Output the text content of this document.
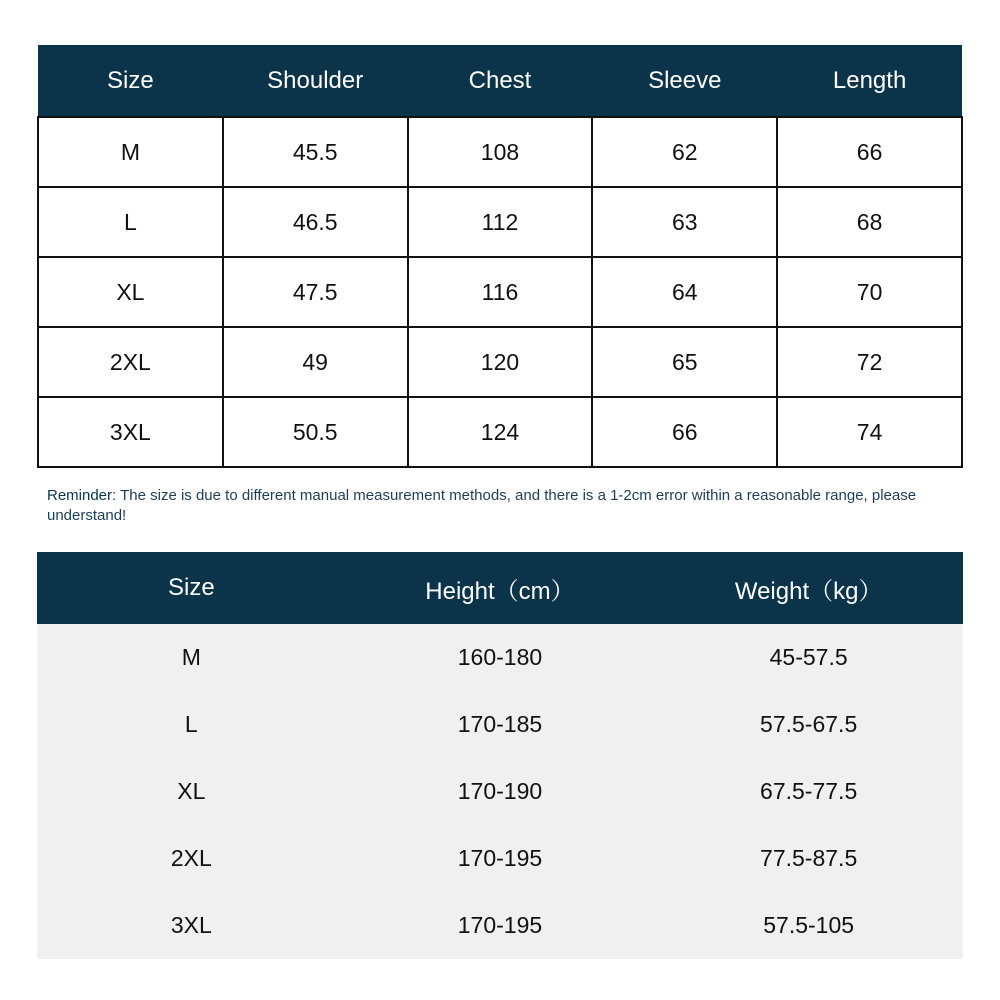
Size	Shoulder	Chest	Sleeve	Length
M	45.5	108	62	66
L	46.5	112	63	68
XL	47.5	116	64	70
2XL	49	120	65	72
3XL	50.5	124	66	74
Reminder: The size is due to different manual measurement methods, and there is a 1-2cm error within a reasonable range, please understand!
Size	Height（cm）	Weight（kg）
M	160-180	45-57.5
L	170-185	57.5-67.5
XL	170-190	67.5-77.5
2XL	170-195	77.5-87.5
3XL	170-195	57.5-105
